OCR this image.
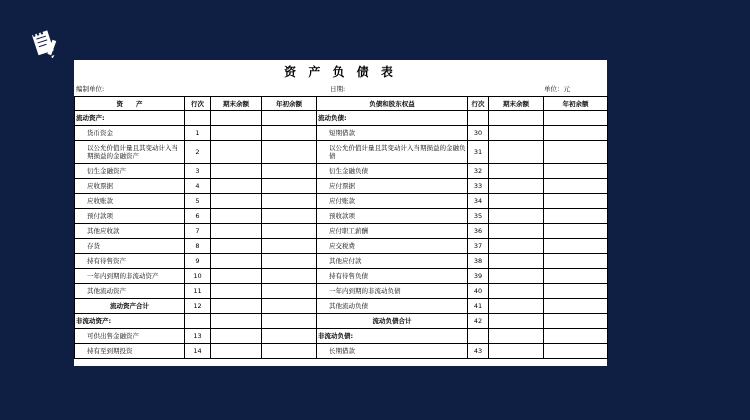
资 产 负 债 表
编制单位:	日期:	单位：元
资　　产	行次	期末余额	年初余额	负债和股东权益	行次	期末余额	年初余额
流动资产:				流动负债:			
货币资金	1			短期借款	30		
以公允价值计量且其变动计入当期损益的金融资产	2			以公允价值计量且其变动计入当期损益的金融负债	31		
衍生金融资产	3			衍生金融负债	32		
应收票据	4			应付票据	33		
应收账款	5			应付账款	34		
预付款项	6			预收款项	35		
其他应收款	7			应付职工薪酬	36		
存货	8			应交税费	37		
持有待售资产	9			其他应付款	38		
一年内到期的非流动资产	10			持有待售负债	39		
其他流动资产	11			一年内到期的非流动负债	40		
流动资产合计	12			其他流动负债	41		
非流动资产:				流动负债合计	42		
可供出售金融资产	13			非流动负债:			
持有至到期投资	14			长期借款	43		
